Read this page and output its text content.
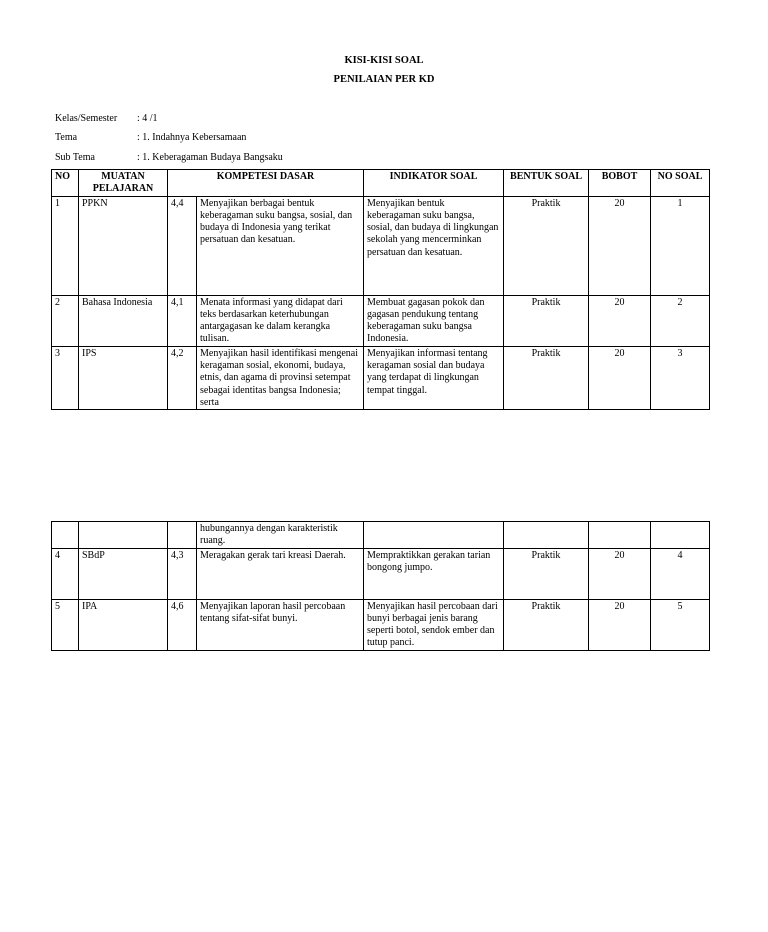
KISI-KISI SOAL
PENILAIAN PER KD
Kelas/Semester : 4 /1
Tema	: 1. Indahnya Kebersamaan
Sub Tema	: 1. Keberagaman Budaya Bangsaku
NO	MUATAN PELAJARAN	KOMPETESI DASAR		INDIKATOR SOAL	BENTUK SOAL	BOBOT	NO SOAL
1	PPKN	4,4	Menyajikan berbagai bentuk keberagaman suku bangsa, sosial, dan budaya di Indonesia yang terikat persatuan dan kesatuan.	Menyajikan bentuk keberagaman suku bangsa, sosial, dan budaya di lingkungan sekolah yang mencerminkan persatuan dan kesatuan.	Praktik	20	1
2	Bahasa Indonesia	4,1	Menata informasi yang didapat dari teks berdasarkan keterhubungan antargagasan ke dalam kerangka tulisan.	Membuat gagasan pokok dan gagasan pendukung tentang keberagaman suku bangsa Indonesia.	Praktik	20	2
3	IPS	4,2	Menyajikan hasil identifikasi mengenai keragaman sosial, ekonomi, budaya, etnis, dan agama di provinsi setempat sebagai identitas bangsa Indonesia; serta	Menyajikan informasi tentang keragaman sosial dan budaya yang terdapat di lingkungan tempat tinggal.	Praktik	20	3
			hubungannya dengan karakteristik ruang.				
4	SBdP	4,3	Meragakan gerak tari kreasi Daerah.	Mempraktikkan gerakan tarian bongong jumpo.	Praktik	20	4
5	IPA	4,6	Menyajikan laporan hasil percobaan tentang sifat-sifat bunyi.	Menyajikan hasil percobaan dari bunyi berbagai jenis barang seperti botol, sendok ember dan tutup panci.	Praktik	20	5
